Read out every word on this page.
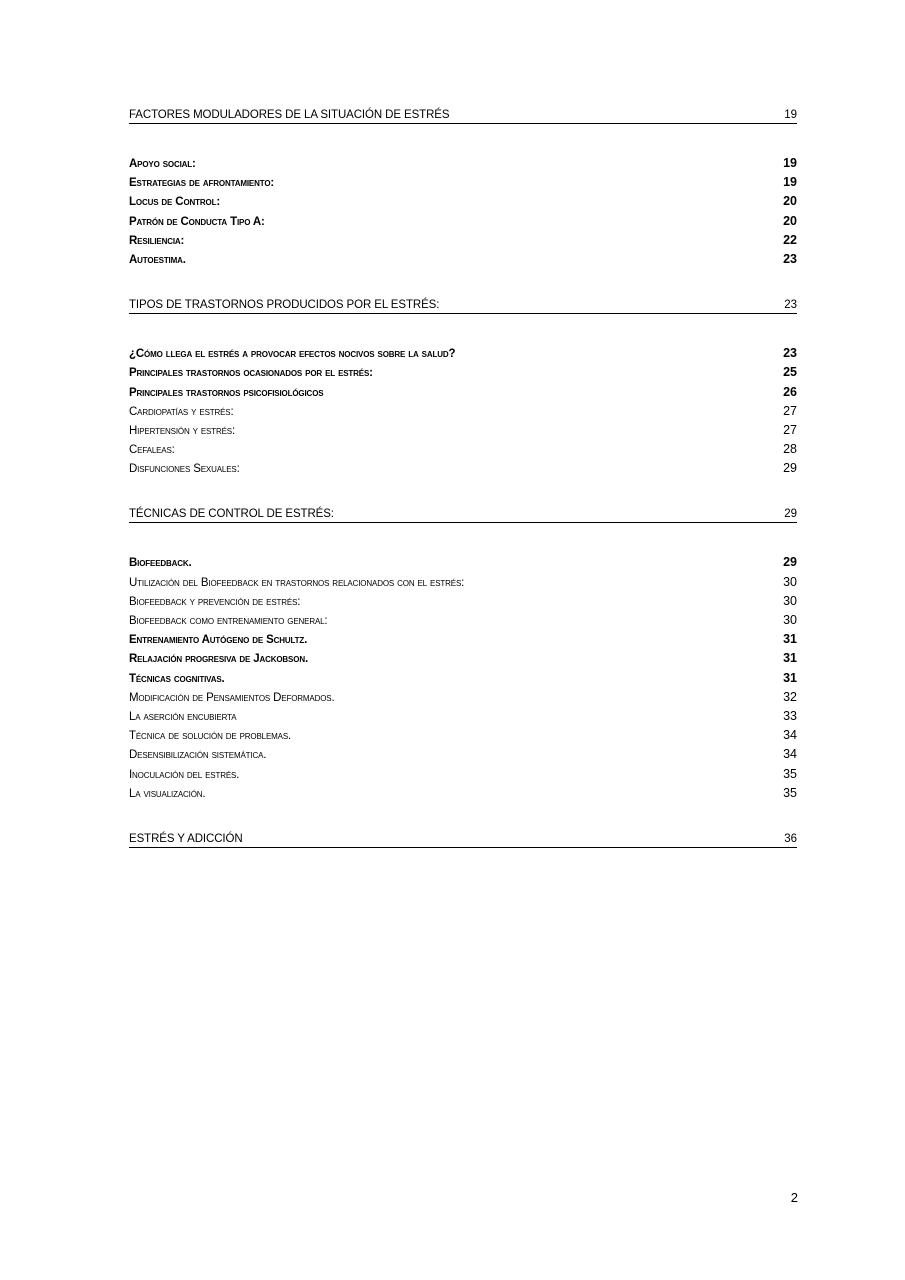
FACTORES MODULADORES DE LA SITUACIÓN DE ESTRÉS	19
Apoyo social:	19
Estrategias de afrontamiento:	19
Locus de Control:	20
Patrón de Conducta Tipo A:	20
Resiliencia:	22
Autoestima.	23
TIPOS DE TRASTORNOS PRODUCIDOS POR EL ESTRÉS:	23
¿Cómo llega el estrés a provocar efectos nocivos sobre la salud?	23
Principales trastornos ocasionados por el estrés:	25
Principales trastornos psicofisiológicos	26
Cardiopatías y estrés:	27
Hipertensión y estrés:	27
Cefaleas:	28
Disfunciones Sexuales:	29
TÉCNICAS DE CONTROL DE ESTRÉS:	29
Biofeedback.	29
Utilización del Biofeedback en trastornos relacionados con el estrés:	30
Biofeedback y prevención de estrés:	30
Biofeedback como entrenamiento general:	30
Entrenamiento Autógeno de Schultz.	31
Relajación progresiva de Jackobson.	31
Técnicas cognitivas.	31
Modificación de Pensamientos Deformados.	32
La aserción encubierta	33
Técnica de solución de problemas.	34
Desensibilización sistemática.	34
Inoculación del estrés.	35
La visualización.	35
ESTRÉS Y ADICCIÓN	36
2
